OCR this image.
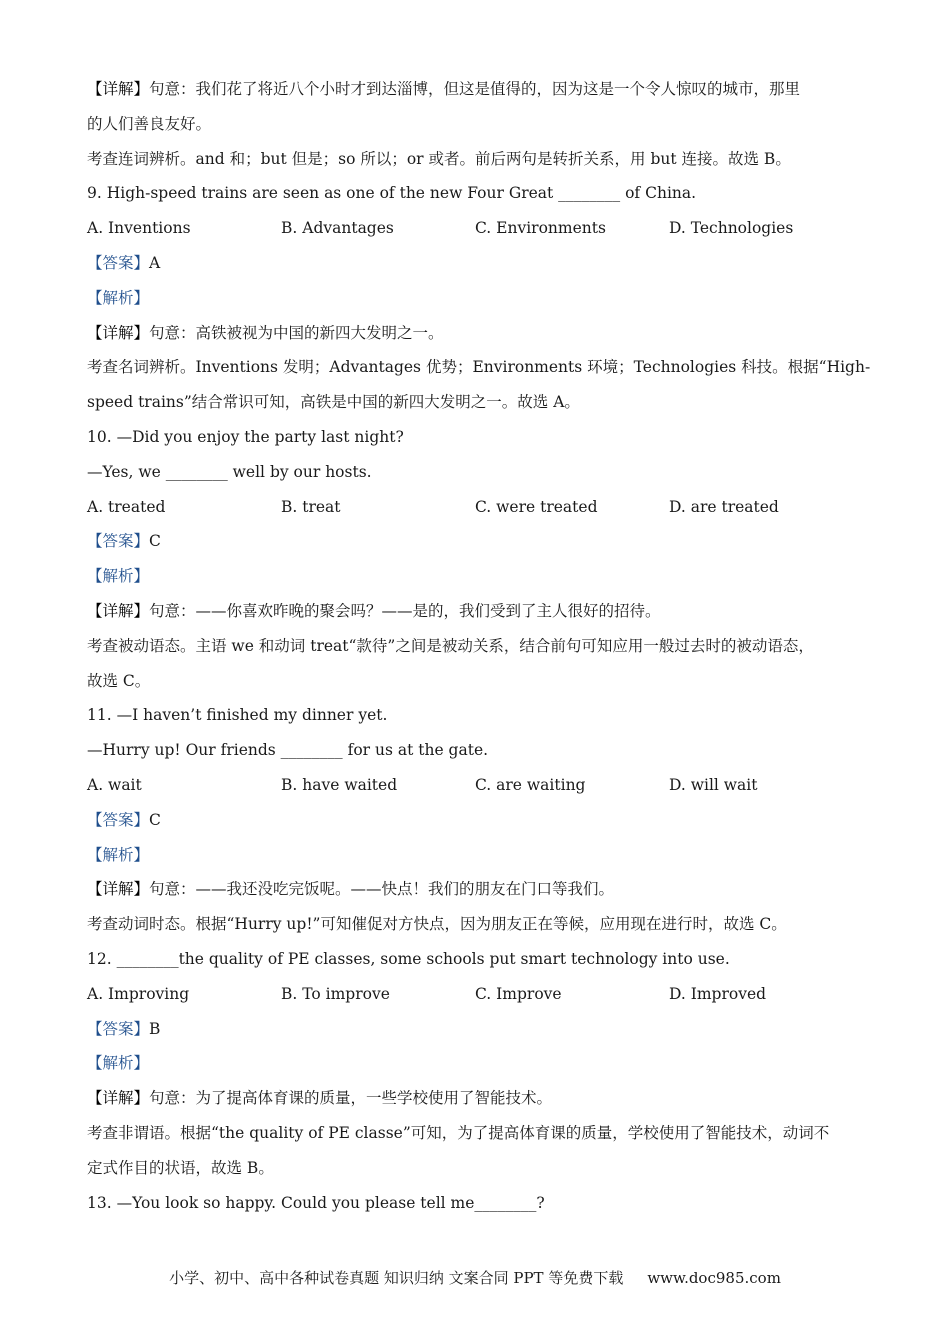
【详解】句意：我们花了将近八个小时才到达淄博，但这是值得的，因为这是一个令人惊叹的城市，那里
的人们善良友好。
考查连词辨析。and 和；but 但是；so 所以；or 或者。前后两句是转折关系，用 but 连接。故选 B。
9. High-speed trains are seen as one of the new Four Great ________ of China.
A. Inventions	B. Advantages	C. Environments	D. Technologies
【答案】A
【解析】
【详解】句意：高铁被视为中国的新四大发明之一。
考查名词辨析。Inventions 发明；Advantages 优势；Environments 环境；Technologies 科技。根据“High-
speed trains”结合常识可知，高铁是中国的新四大发明之一。故选 A。
10. —Did you enjoy the party last night?
—Yes, we ________ well by our hosts.
A. treated	B. treat	C. were treated	D. are treated
【答案】C
【解析】
【详解】句意：——你喜欢昨晚的聚会吗？——是的，我们受到了主人很好的招待。
考查被动语态。主语 we 和动词 treat“款待”之间是被动关系，结合前句可知应用一般过去时的被动语态，
故选 C。
11. —I haven’t finished my dinner yet.
—Hurry up! Our friends ________ for us at the gate.
A. wait	B. have waited	C. are waiting	D. will wait
【答案】C
【解析】
【详解】句意：——我还没吃完饭呢。——快点！我们的朋友在门口等我们。
考查动词时态。根据“Hurry up!”可知催促对方快点，因为朋友正在等候，应用现在进行时，故选 C。
12. ________the quality of PE classes, some schools put smart technology into use.
A. Improving	B. To improve	C. Improve	D. Improved
【答案】B
【解析】
【详解】句意：为了提高体育课的质量，一些学校使用了智能技术。
考查非谓语。根据“the quality of PE classe”可知，为了提高体育课的质量，学校使用了智能技术，动词不
定式作目的状语，故选 B。
13. —You look so happy. Could you please tell me________?
小学、初中、高中各种试卷真题 知识归纳 文案合同 PPT 等免费下载 www.doc985.com
